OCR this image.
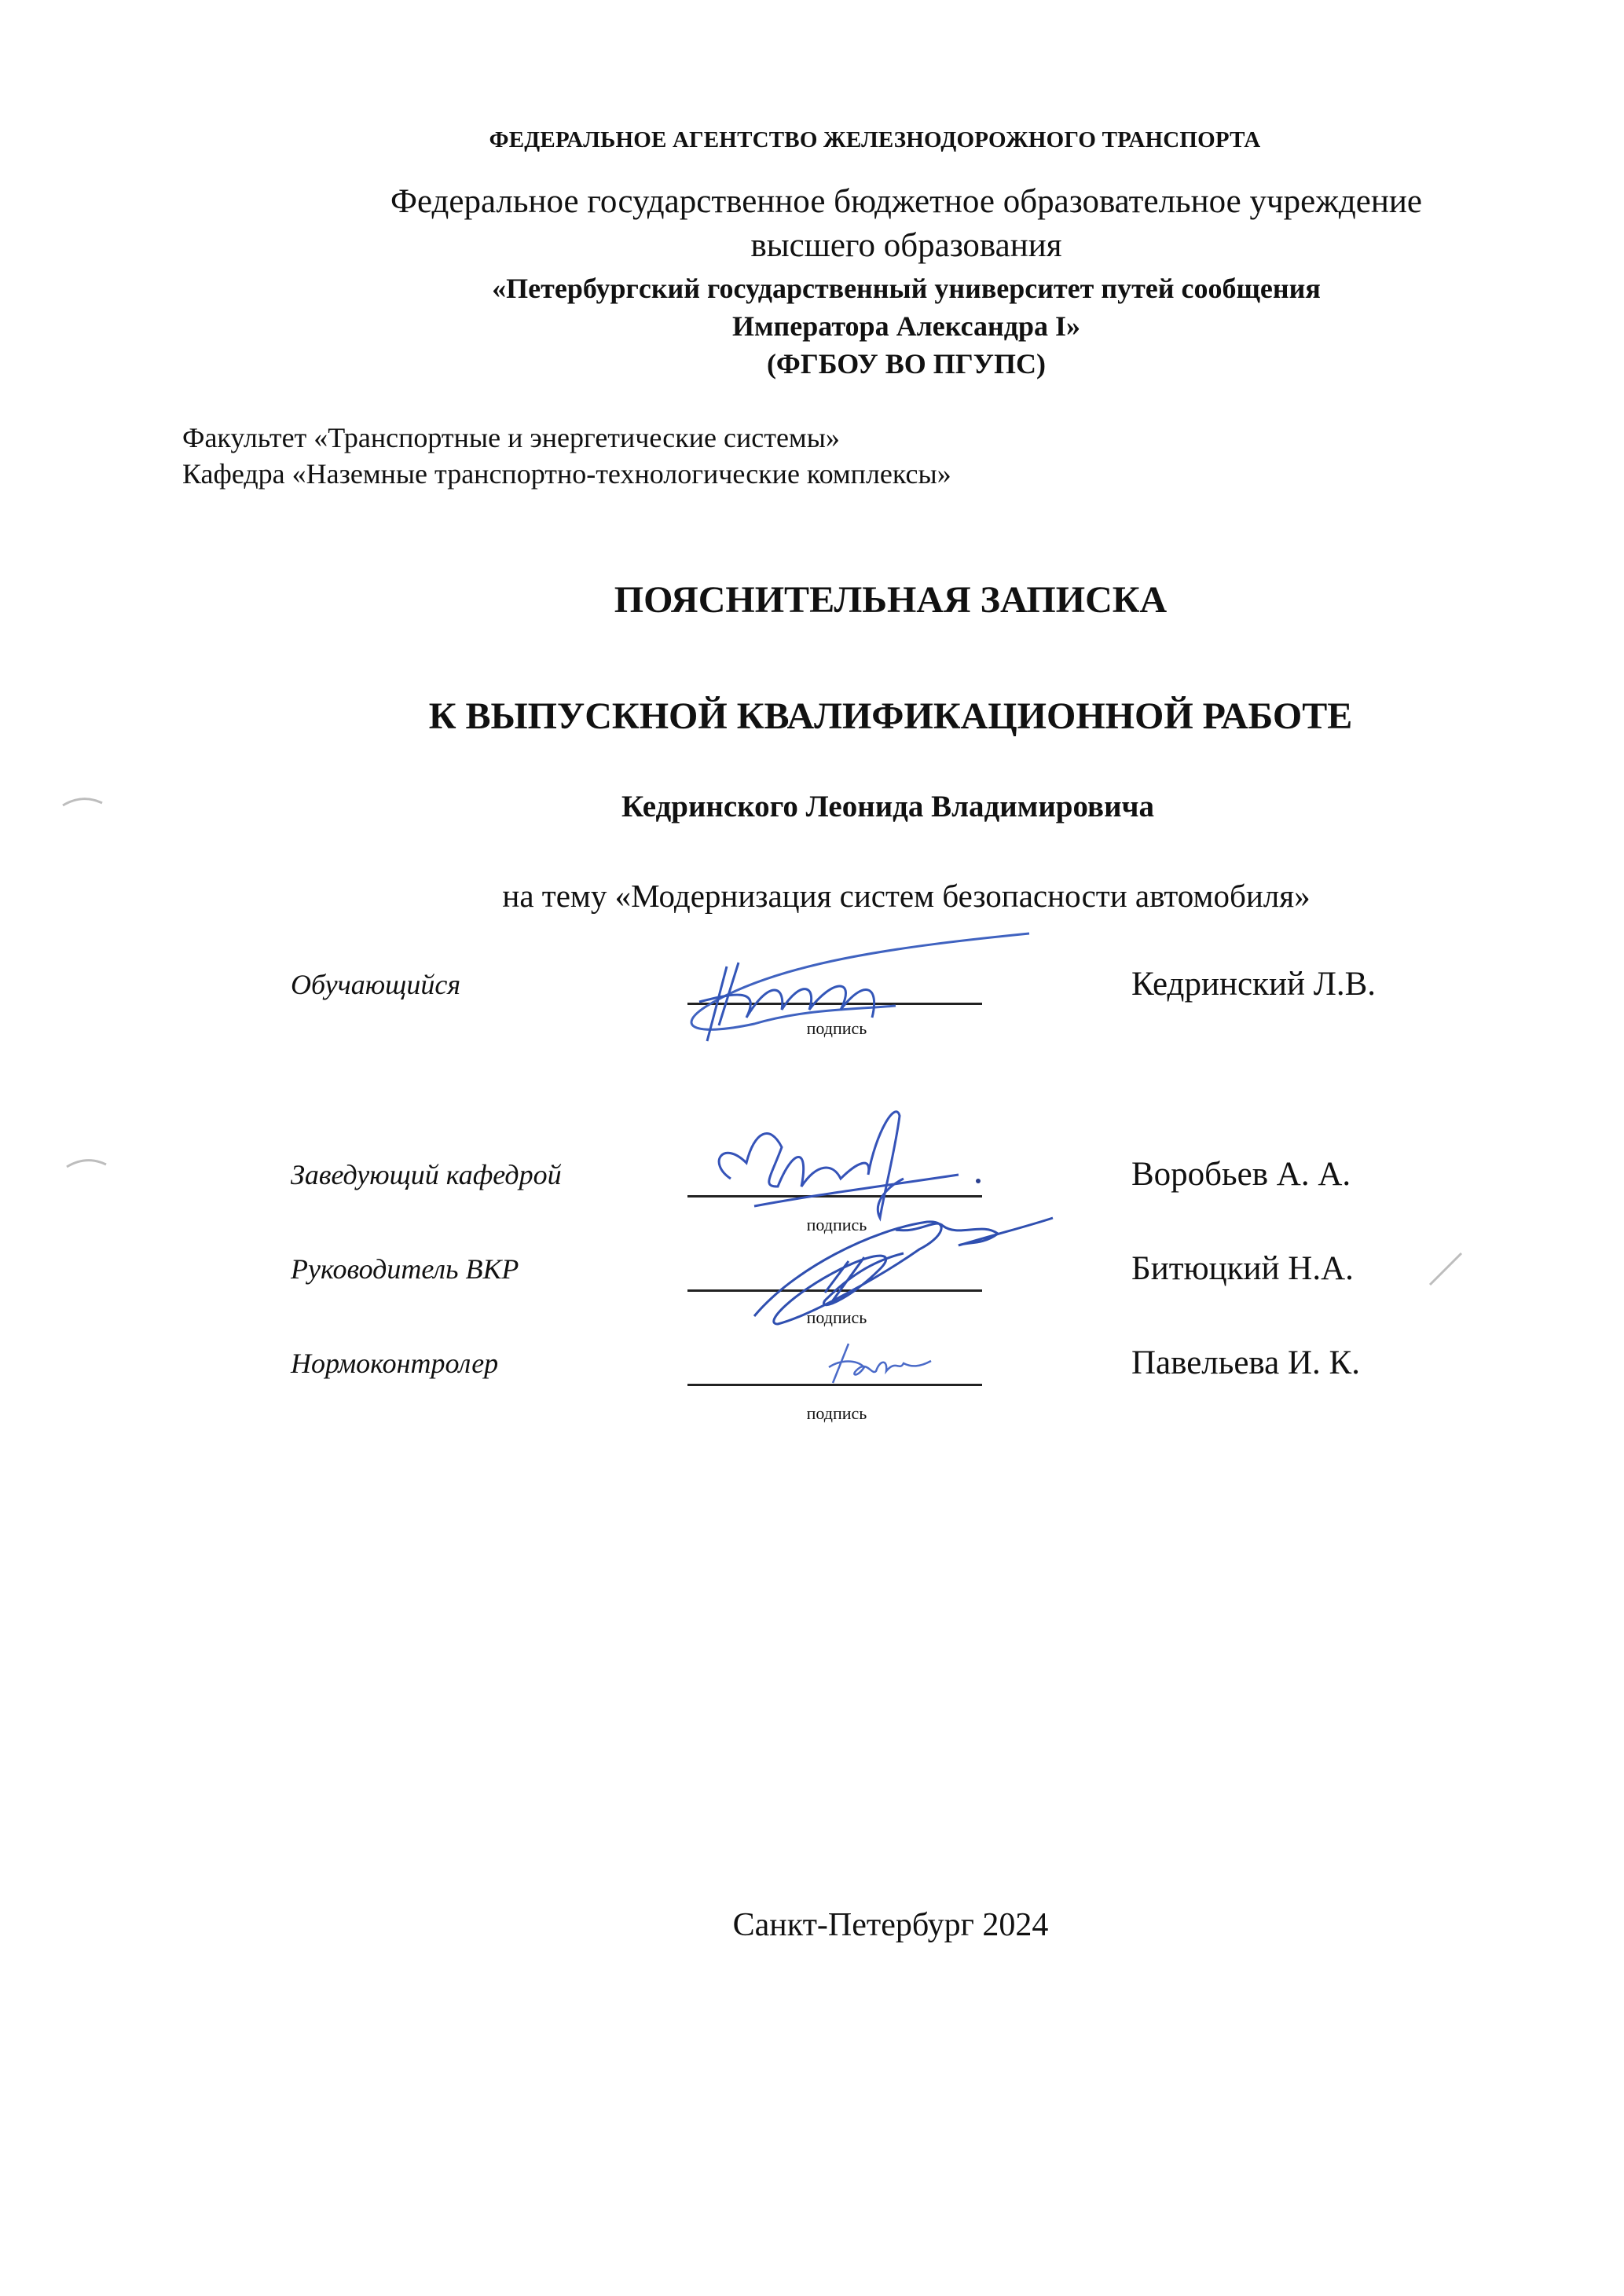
ФЕДЕРАЛЬНОЕ АГЕНТСТВО ЖЕЛЕЗНОДОРОЖНОГО ТРАНСПОРТА
Федеральное государственное бюджетное образовательное учреждение
высшего образования
«Петербургский государственный университет путей сообщения
Императора Александра I»
(ФГБОУ ВО ПГУПС)
Факультет «Транспортные и энергетические системы»
Кафедра «Наземные транспортно-технологические комплексы»
ПОЯСНИТЕЛЬНАЯ ЗАПИСКА
К ВЫПУСКНОЙ КВАЛИФИКАЦИОННОЙ РАБОТЕ
Кедринского Леонида Владимировича
на тему «Модернизация систем безопасности автомобиля»
Обучающийся
подпись
Кедринский Л.В.
Заведующий кафедрой
подпись
Воробьев А. А.
Руководитель ВКР
подпись
Битюцкий Н.А.
Нормоконтролер
подпись
Павельева И. К.
Санкт-Петербург 2024
